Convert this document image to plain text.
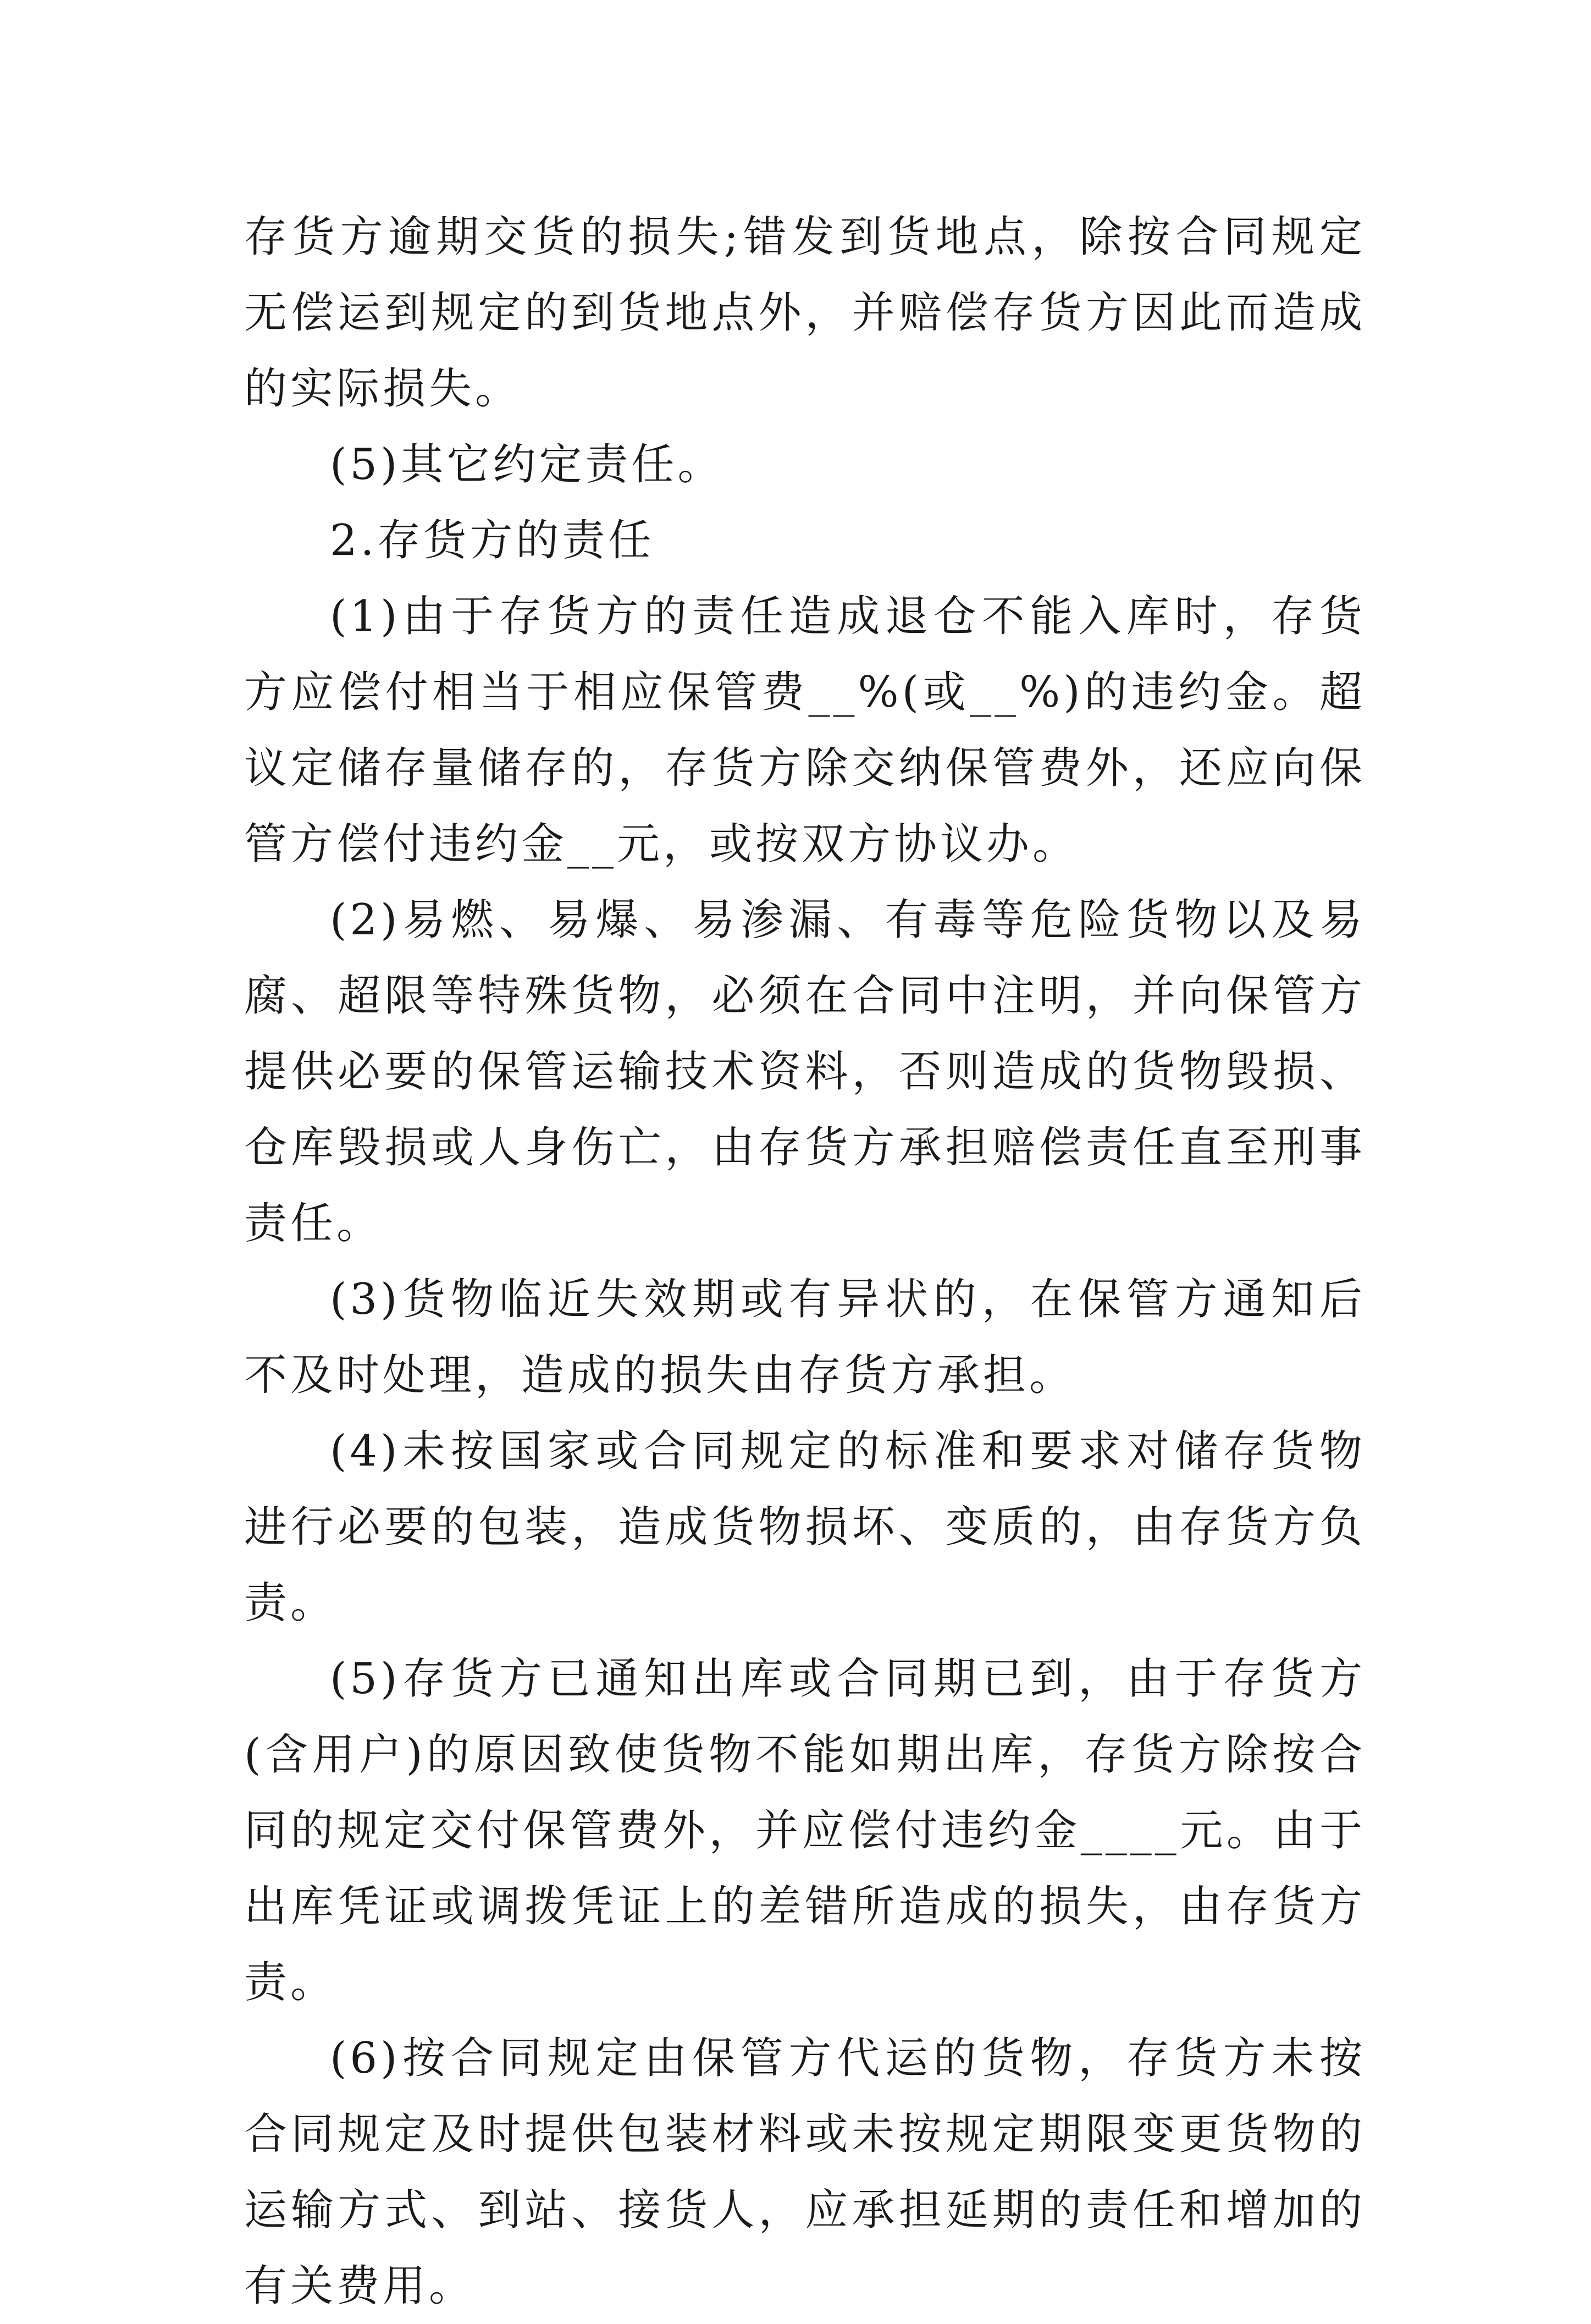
存货方逾期交货的损失;错发到货地点，除按合同规定无偿运到规定的到货地点外，并赔偿存货方因此而造成的实际损失。

(5)其它约定责任。

2.存货方的责任

(1)由于存货方的责任造成退仓不能入库时，存货方应偿付相当于相应保管费__%(或__%)的违约金。超议定储存量储存的，存货方除交纳保管费外，还应向保管方偿付违约金__元，或按双方协议办。

(2)易燃、易爆、易渗漏、有毒等危险货物以及易腐、超限等特殊货物，必须在合同中注明，并向保管方提供必要的保管运输技术资料，否则造成的货物毁损、仓库毁损或人身伤亡，由存货方承担赔偿责任直至刑事责任。

(3)货物临近失效期或有异状的，在保管方通知后不及时处理，造成的损失由存货方承担。

(4)未按国家或合同规定的标准和要求对储存货物进行必要的包装，造成货物损坏、变质的，由存货方负责。

(5)存货方已通知出库或合同期已到，由于存货方(含用户)的原因致使货物不能如期出库，存货方除按合同的规定交付保管费外，并应偿付违约金____元。由于出库凭证或调拨凭证上的差错所造成的损失，由存货方责。

(6)按合同规定由保管方代运的货物，存货方未按合同规定及时提供包装材料或未按规定期限变更货物的运输方式、到站、接货人，应承担延期的责任和增加的有关费用。
